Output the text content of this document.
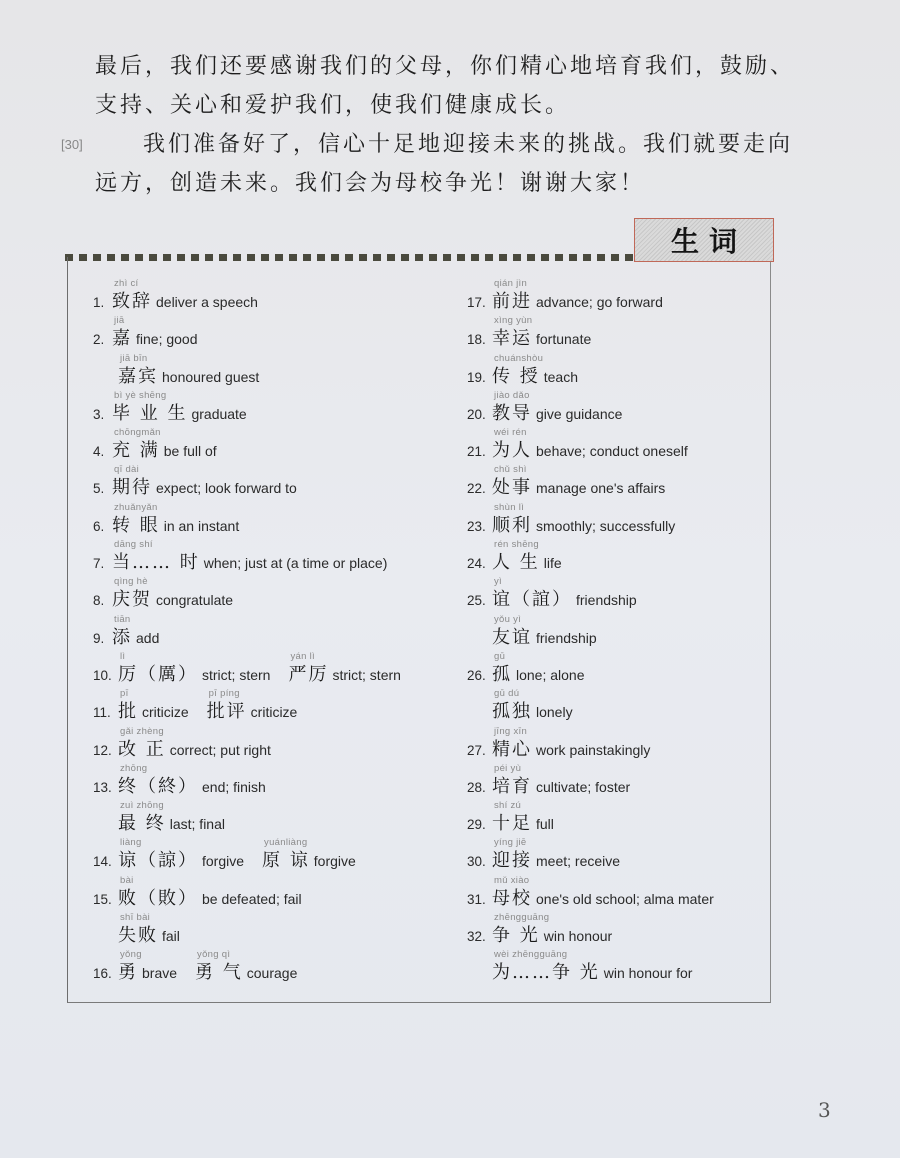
最后，我们还要感谢我们的父母，你们精心地培育我们，鼓励、
支持、关心和爱护我们，使我们健康成长。
[30]	我们准备好了，信心十足地迎接未来的挑战。我们就要走向
远方，创造未来。我们会为母校争光！谢谢大家！
生词
zhì cí
1. 致辞 deliver a speech
jiā
2. 嘉 fine; good
jiā bīn
嘉宾 honoured guest
bì yè shēng
3. 毕 业 生 graduate
chōngmǎn
4. 充 满 be full of
qī dài
5. 期待 expect; look forward to
zhuǎnyǎn
6. 转 眼 in an instant
dāng shí
7. 当…… 时 when; just at (a time or place)
qìng hè
8. 庆贺 congratulate
tiān
9. 添 add
lì
10. 厉（厲） strict; stern
yán lì
严厉 strict; stern
pī
11. 批 criticize
pī píng
批评 criticize
gǎi zhèng
12. 改 正 correct; put right
zhōng
13. 终（終） end; finish
zuì zhōng
最 终 last; final
liàng
14. 谅（諒） forgive
yuánliàng
原 谅 forgive
bài
15. 败（敗） be defeated; fail
shī bài
失败 fail
yǒng
16. 勇 brave
yǒng qì
勇 气 courage
qián jìn
17. 前进 advance; go forward
xìng yùn
18. 幸运 fortunate
chuánshòu
19. 传 授 teach
jiào dǎo
20. 教导 give guidance
wéi rén
21. 为人 behave; conduct oneself
chǔ shì
22. 处事 manage one's affairs
shùn lì
23. 顺利 smoothly; successfully
rén shēng
24. 人 生 life
yì
25. 谊（誼） friendship
yǒu yì
友谊 friendship
gū
26. 孤 lone; alone
gū dú
孤独 lonely
jīng xīn
27. 精心 work painstakingly
péi yù
28. 培育 cultivate; foster
shí zú
29. 十足 full
yíng jiē
30. 迎接 meet; receive
mǔ xiào
31. 母校 one's old school; alma mater
zhēngguāng
32. 争 光 win honour
wèi zhēngguāng
为……争 光 win honour for
3
